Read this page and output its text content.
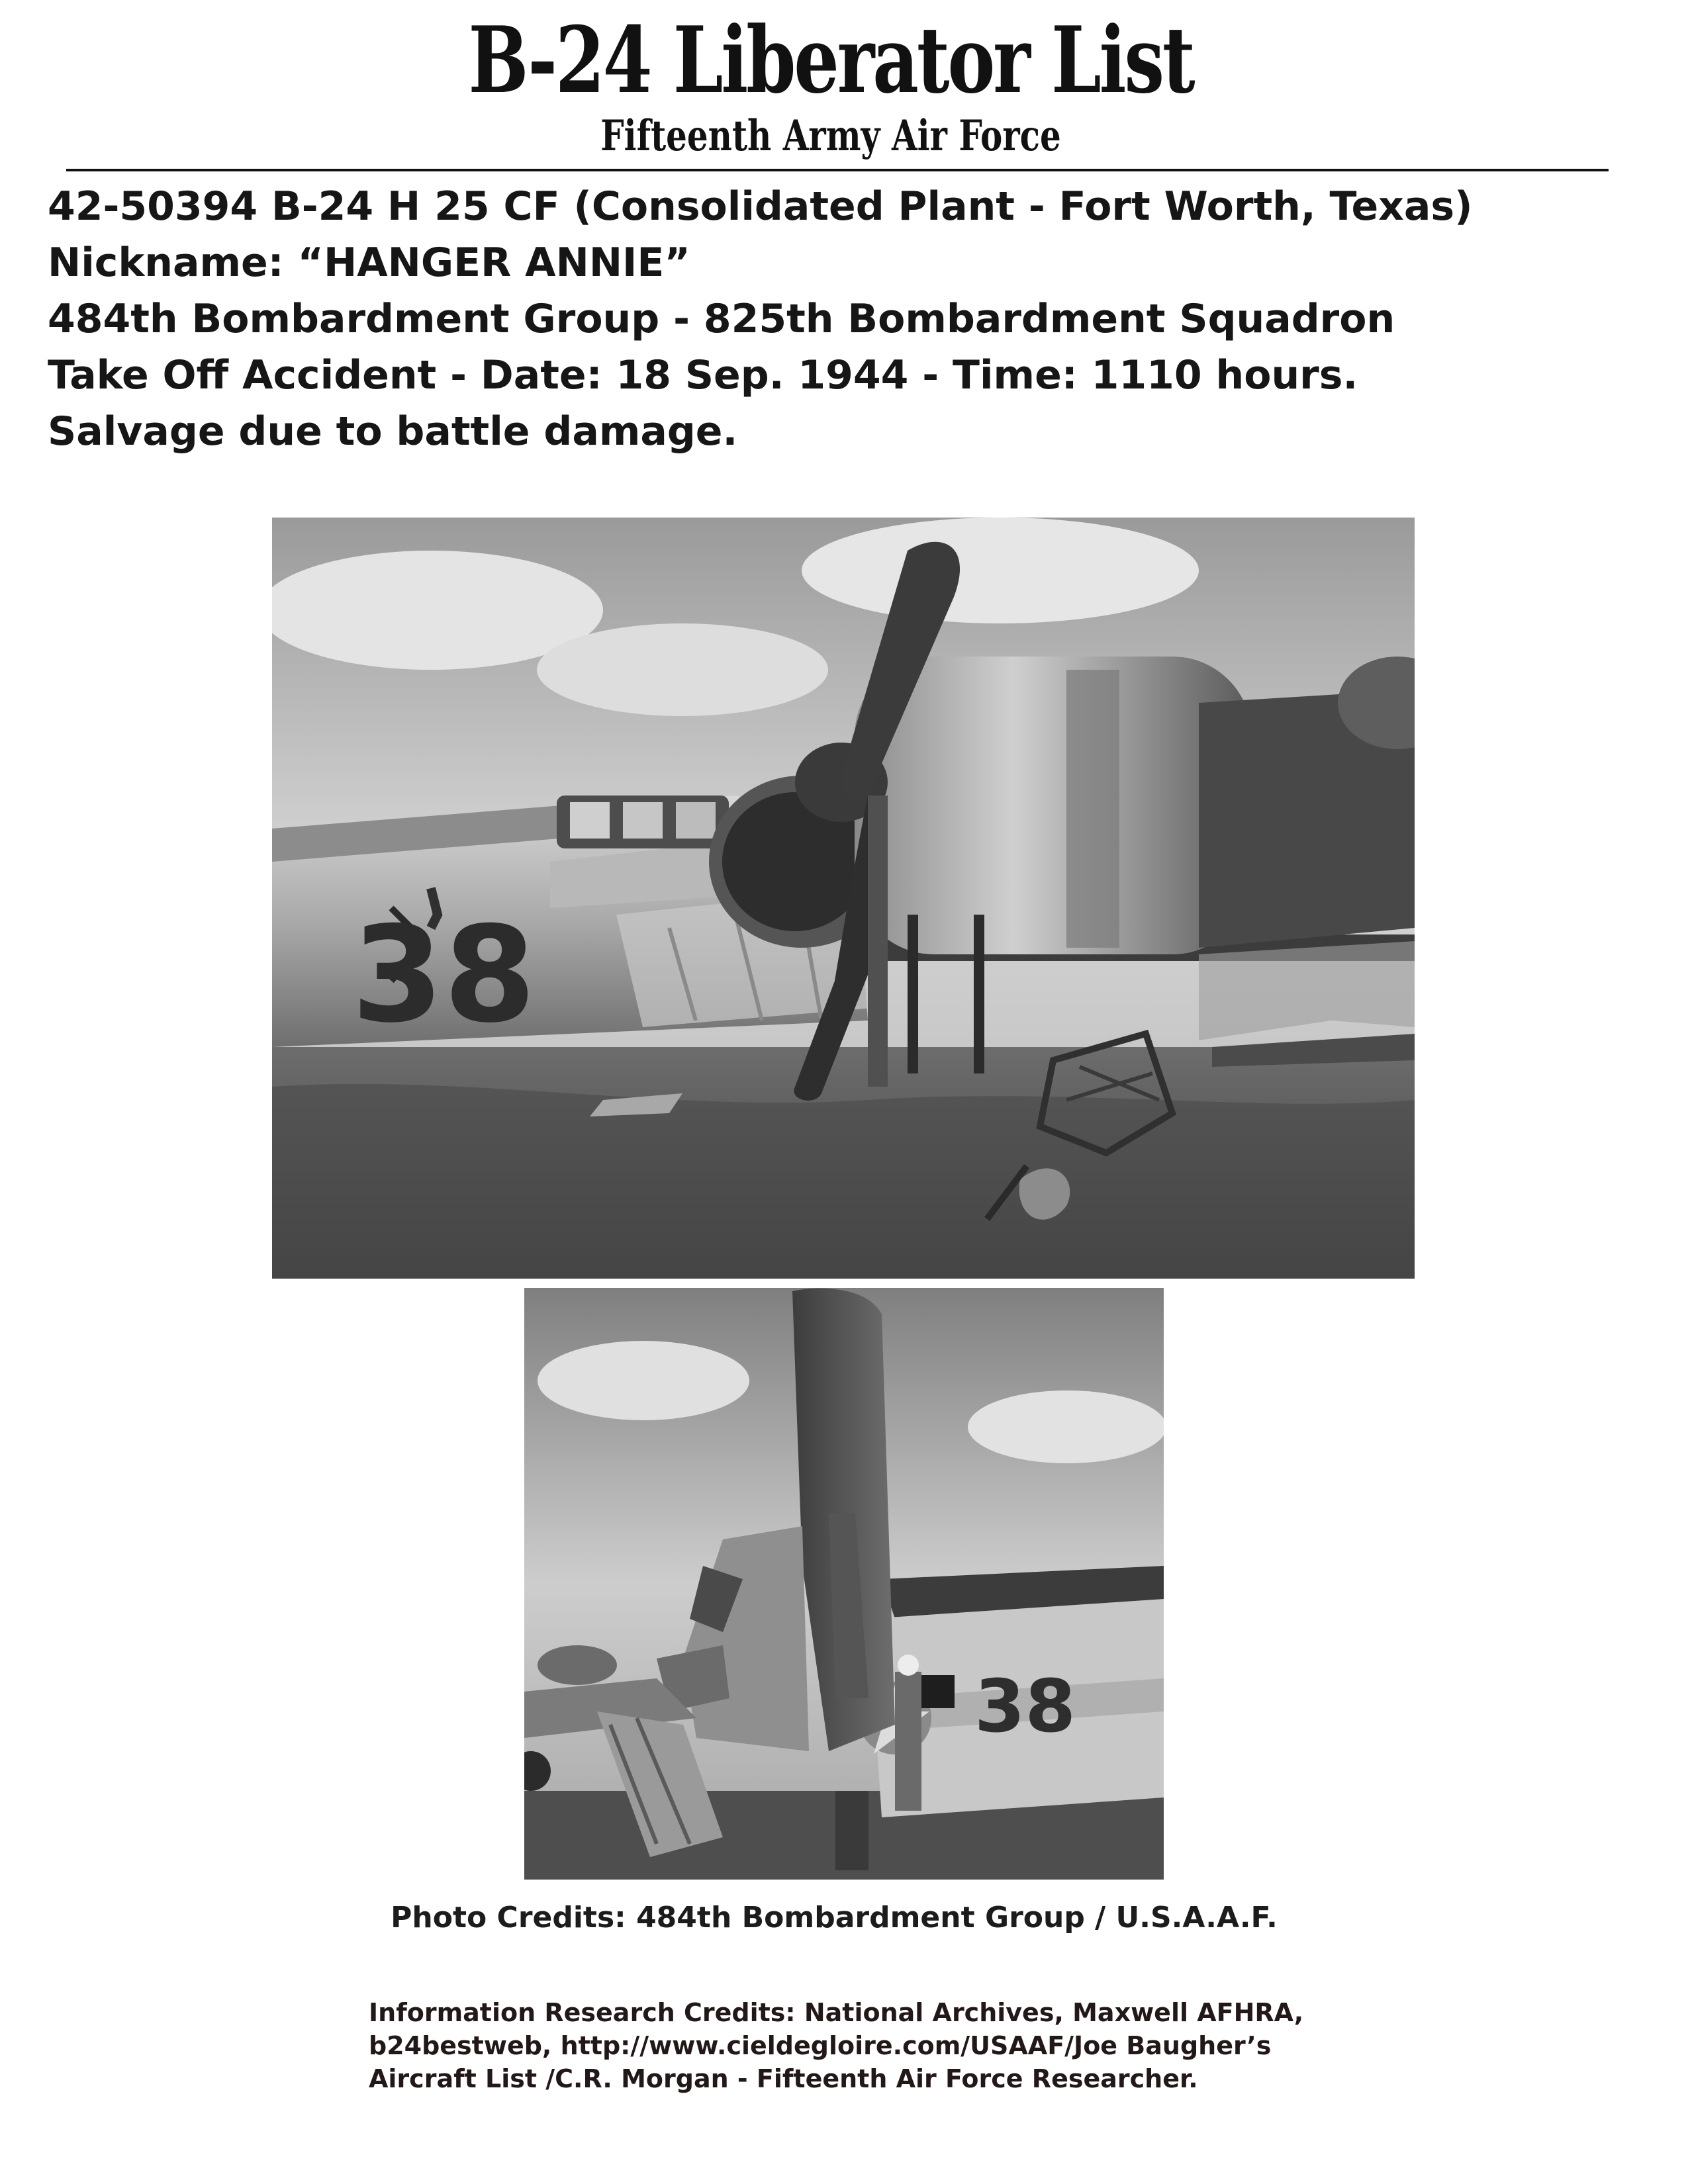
B-24 Liberator List
Fifteenth Army Air Force
42-50394 B-24 H 25 CF (Consolidated Plant - Fort Worth, Texas)
Nickname: “HANGER ANNIE”
484th Bombardment Group - 825th Bombardment Squadron
Take Off Accident - Date: 18 Sep. 1944 - Time: 1110 hours.
Salvage due to battle damage.
38
38
Photo Credits: 484th Bombardment Group / U.S.A.A.F.
Information Research Credits: National Archives, Maxwell AFHRA,
b24bestweb, http://www.cieldegloire.com/USAAF/Joe Baugher’s
Aircraft List /C.R. Morgan - Fifteenth Air Force Researcher.
